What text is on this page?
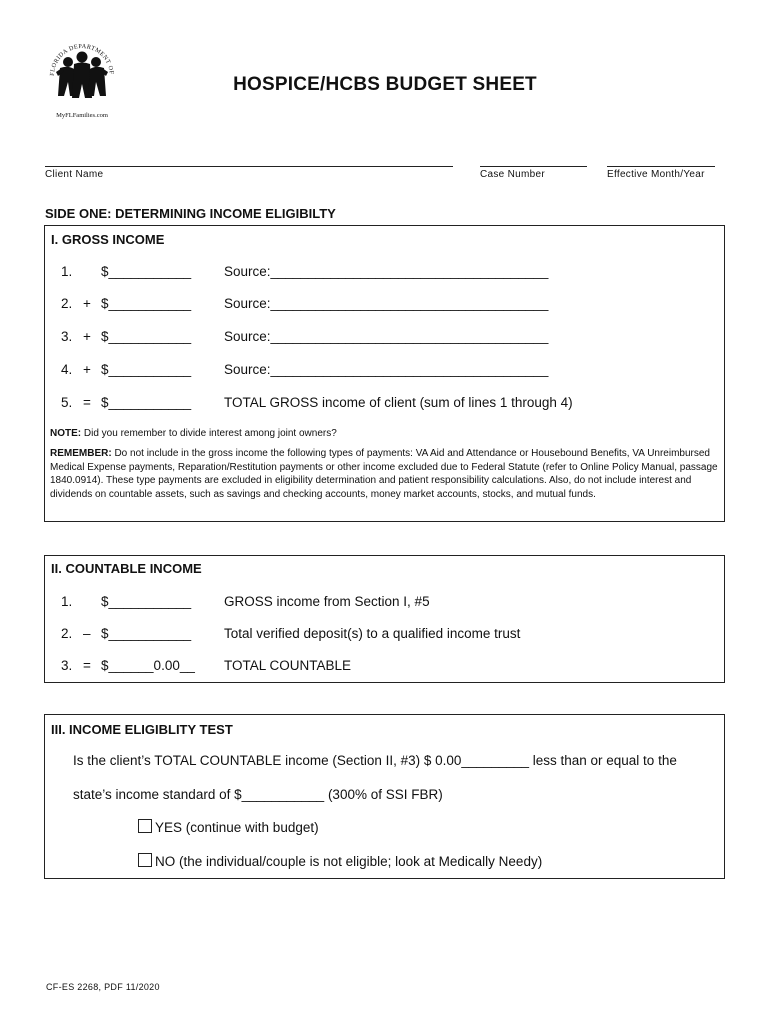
FLORIDA DEPARTMENT OF
MyFLFamilies.com
HOSPICE/HCBS BUDGET SHEET
Client Name	Case Number	Effective Month/Year
SIDE ONE: DETERMINING INCOME ELIGIBILTY
I. GROSS INCOME
1. $___________ Source:_____________________________________
2. + $___________ Source:_____________________________________
3. + $___________ Source:_____________________________________
4. + $___________ Source:_____________________________________
5. = $___________ TOTAL GROSS income of client (sum of lines 1 through 4)
NOTE: Did you remember to divide interest among joint owners?
REMEMBER: Do not include in the gross income the following types of payments: VA Aid and Attendance or Housebound Benefits, VA Unreimbursed Medical Expense payments, Reparation/Restitution payments or other income excluded due to Federal Statute (refer to Online Policy Manual, passage 1840.0914). These type payments are excluded in eligibility determination and patient responsibility calculations. Also, do not include interest and dividends on countable assets, such as savings and checking accounts, money market accounts, stocks, and mutual funds.
II. COUNTABLE INCOME
1. $___________ GROSS income from Section I, #5
2. – $___________ Total verified deposit(s) to a qualified income trust
3. = $______0.00__ TOTAL COUNTABLE
III. INCOME ELIGIBLITY TEST
Is the client’s TOTAL COUNTABLE income (Section II, #3) $ 0.00_________ less than or equal to the
state’s income standard of $___________ (300% of SSI FBR)
YES (continue with budget)
NO (the individual/couple is not eligible; look at Medically Needy)
CF-ES 2268, PDF 11/2020
